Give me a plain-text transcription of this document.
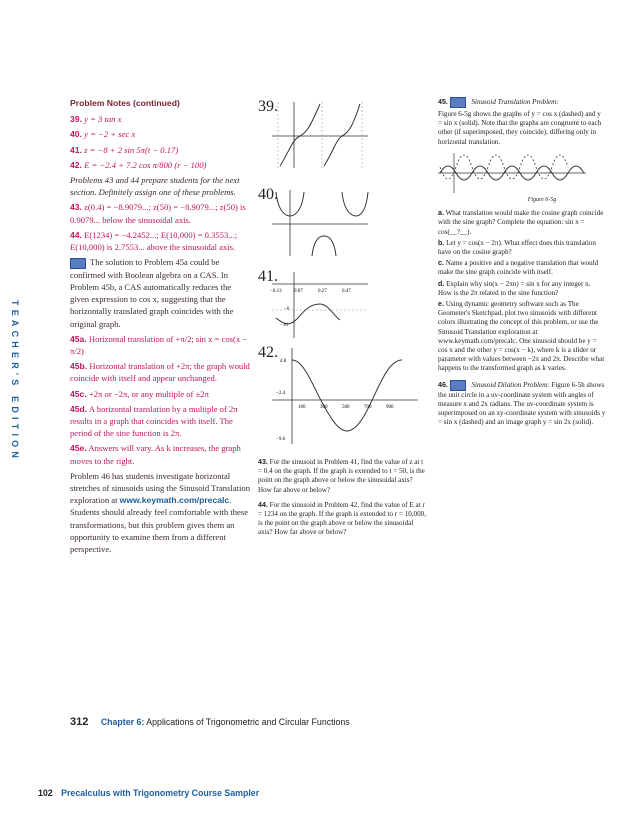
TEACHER'S EDITION
Problem Notes (continued)

39. y = 3 tan x

40. y = −2 + sec x

41. z = −8 + 2 sin 5π(t − 0.17)

42. E = −2.4 + 7.2 cos π/800 (r − 100)

Problems 43 and 44 prepare students for the next section. Definitely assign one of these problems.

43. z(0.4) = −8.9079...; z(50) = −8.9079...; z(50) is 0.9079... below the sinusoidal axis.

44. E(1234) = −4.2452...; E(10,000) = 0.3553...; E(10,000) is 2.7553... above the sinusoidal axis.

The solution to Problem 45a could be confirmed with Boolean algebra on a CAS. In Problem 45b, a CAS automatically reduces the given expression to cos x, suggesting that the horizontally translated graph coincides with the original graph.

45a. Horizontal translation of +π/2; sin x = cos(x − π/2)

45b. Horizontal translation of +2π; the graph would coincide with itself and appear unchanged.

45c. +2π or −2π, or any multiple of ±2π

45d. A horizontal translation by a multiple of 2π results in a graph that coincides with itself. The period of the sine function is 2π.

45e. Answers will vary. As k increases, the graph moves to the right.

Problem 46 has students investigate horizontal stretches of sinusoids using the Sinusoid Translation exploration at www.keymath.com/precalc. Students should already feel comfortable with these transformations, but this problem gives them an opportunity to examine them from a different perspective.

39.
40.
41.
−0.13 0.07	0.27	0.47
−6
−10
42.
100	300	500	700	900
4.8
−2.4
−9.6

43. For the sinusoid in Problem 41, find the value of z at t = 0.4 on the graph. If the graph is extended to t = 50, is the point on the graph above or below the sinusoidal axis? How far above or below?

44. For the sinusoid in Problem 42, find the value of E at r = 1234 on the graph. If the graph is extended to r = 10,000, is the point on the graph above or below the sinusoidal axis? How far above or below?

45.	Sinusoid Translation Problem:

Figure 6-5g shows the graphs of y = cos x (dashed) and y = sin x (solid). Note that the graphs are congruent to each other (if superimposed, they coincide), differing only in horizontal translation.

Figure 6-5g
a. What translation would make the cosine graph coincide with the sine graph? Complete the equation: sin x = cos(__?__).
b. Let y = cos(x − 2π). What effect does this translation have on the cosine graph?
c. Name a positive and a negative translation that would make the sine graph coincide with itself.
d. Explain why sin(x − 2πn) = sin x for any integer n. How is the 2π related to the sine function?
e. Using dynamic geometry software such as The Geometer's Sketchpad, plot two sinusoids with different colors illustrating the concept of this problem, or use the Sinusoid Translation exploration at www.keymath.com/precalc. One sinusoid should be y = cos x and the other y = cos(x − k), where k is a slider or parameter with values between −2π and 2π. Describe what happens to the transformed graph as k varies.
46.	Sinusoid Dilation Problem: Figure 6-5h shows the unit circle in a uv-coordinate system with angles of measure x and 2x radians. The uv-coordinate system is superimposed on an xy-coordinate system with sinusoids y = sin x (dashed) and an image graph y = sin 2x (solid).
312 Chapter 6: Applications of Trigonometric and Circular Functions
102 Precalculus with Trigonometry Course Sampler
